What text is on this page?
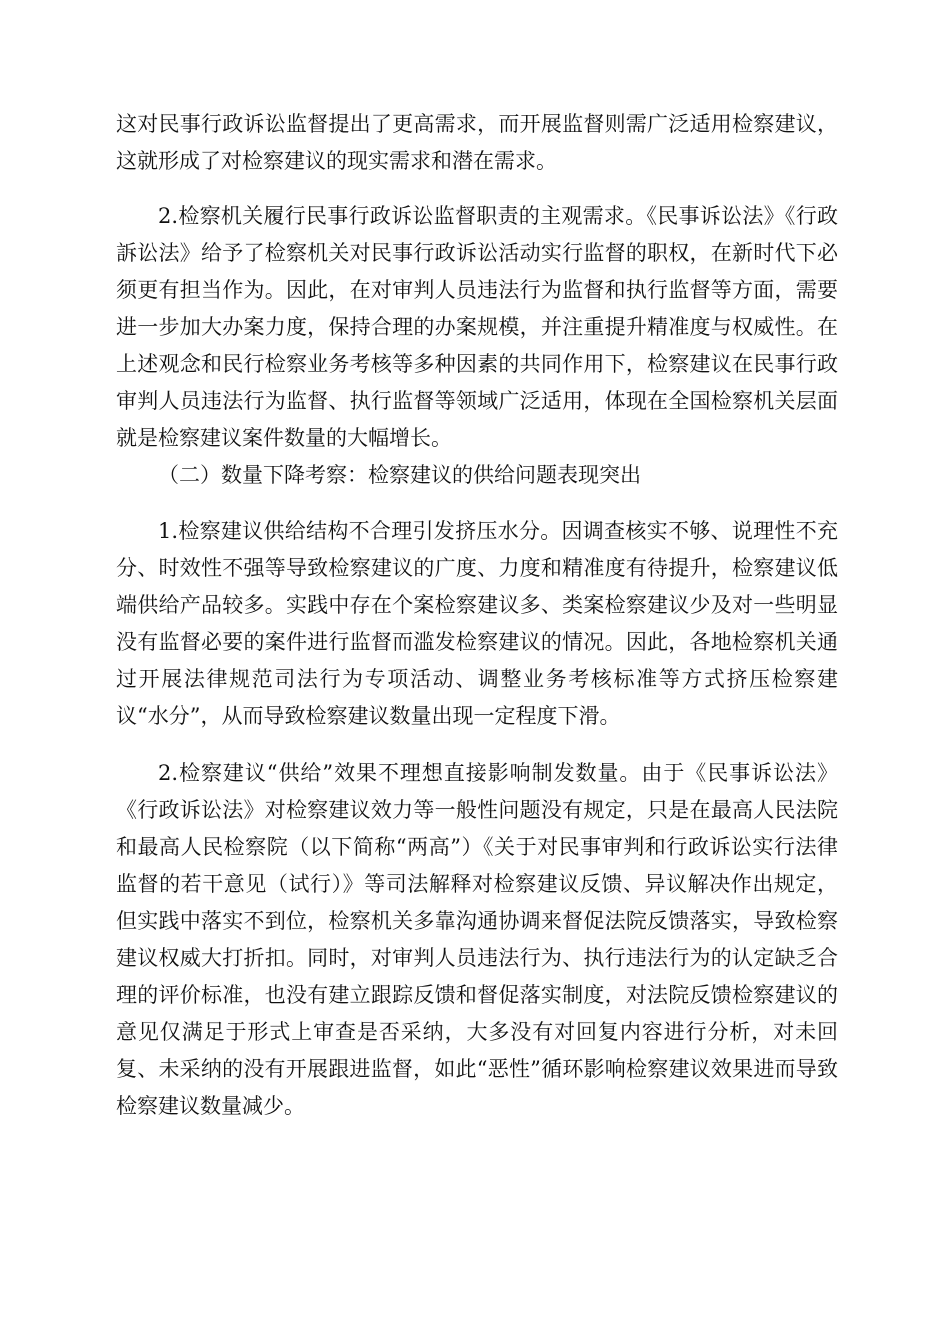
这对民事行政诉讼监督提出了更高需求，而开展监督则需广泛适用检察建议，这就形成了对检察建议的现实需求和潜在需求。

2.检察机关履行民事行政诉讼监督职责的主观需求。《民事诉讼法》《行政訴讼法》给予了检察机关对民事行政诉讼活动实行监督的职权，在新时代下必须更有担当作为。因此，在对审判人员违法行为监督和执行监督等方面，需要进一步加大办案力度，保持合理的办案规模，并注重提升精准度与权威性。在上述观念和民行检察业务考核等多种因素的共同作用下，检察建议在民事行政审判人员违法行为监督、执行监督等领域广泛适用，体现在全国检察机关层面就是检察建议案件数量的大幅增长。

（二）数量下降考察：检察建议的供给问题表现突出

1.检察建议供给结构不合理引发挤压水分。因调查核实不够、说理性不充分、时效性不强等导致检察建议的广度、力度和精准度有待提升，检察建议低端供给产品较多。实践中存在个案检察建议多、类案检察建议少及对一些明显没有监督必要的案件进行监督而滥发检察建议的情况。因此，各地检察机关通过开展法律规范司法行为专项活动、调整业务考核标准等方式挤压检察建议“水分”，从而导致检察建议数量出现一定程度下滑。

2.检察建议“供给”效果不理想直接影响制发数量。由于《民事诉讼法》《行政诉讼法》对检察建议效力等一般性问题没有规定，只是在最高人民法院和最高人民检察院（以下简称“两高”）《关于对民事审判和行政诉讼实行法律监督的若干意见（试行）》等司法解释对检察建议反馈、异议解决作出规定，但实践中落实不到位，检察机关多靠沟通协调来督促法院反馈落实，导致检察建议权威大打折扣。同时，对审判人员违法行为、执行违法行为的认定缺乏合理的评价标准，也没有建立跟踪反馈和督促落实制度，对法院反馈检察建议的意见仅满足于形式上审查是否采纳，大多没有对回复内容进行分析，对未回复、未采纳的没有开展跟进监督，如此“恶性”循环影响检察建议效果进而导致检察建议数量减少。
